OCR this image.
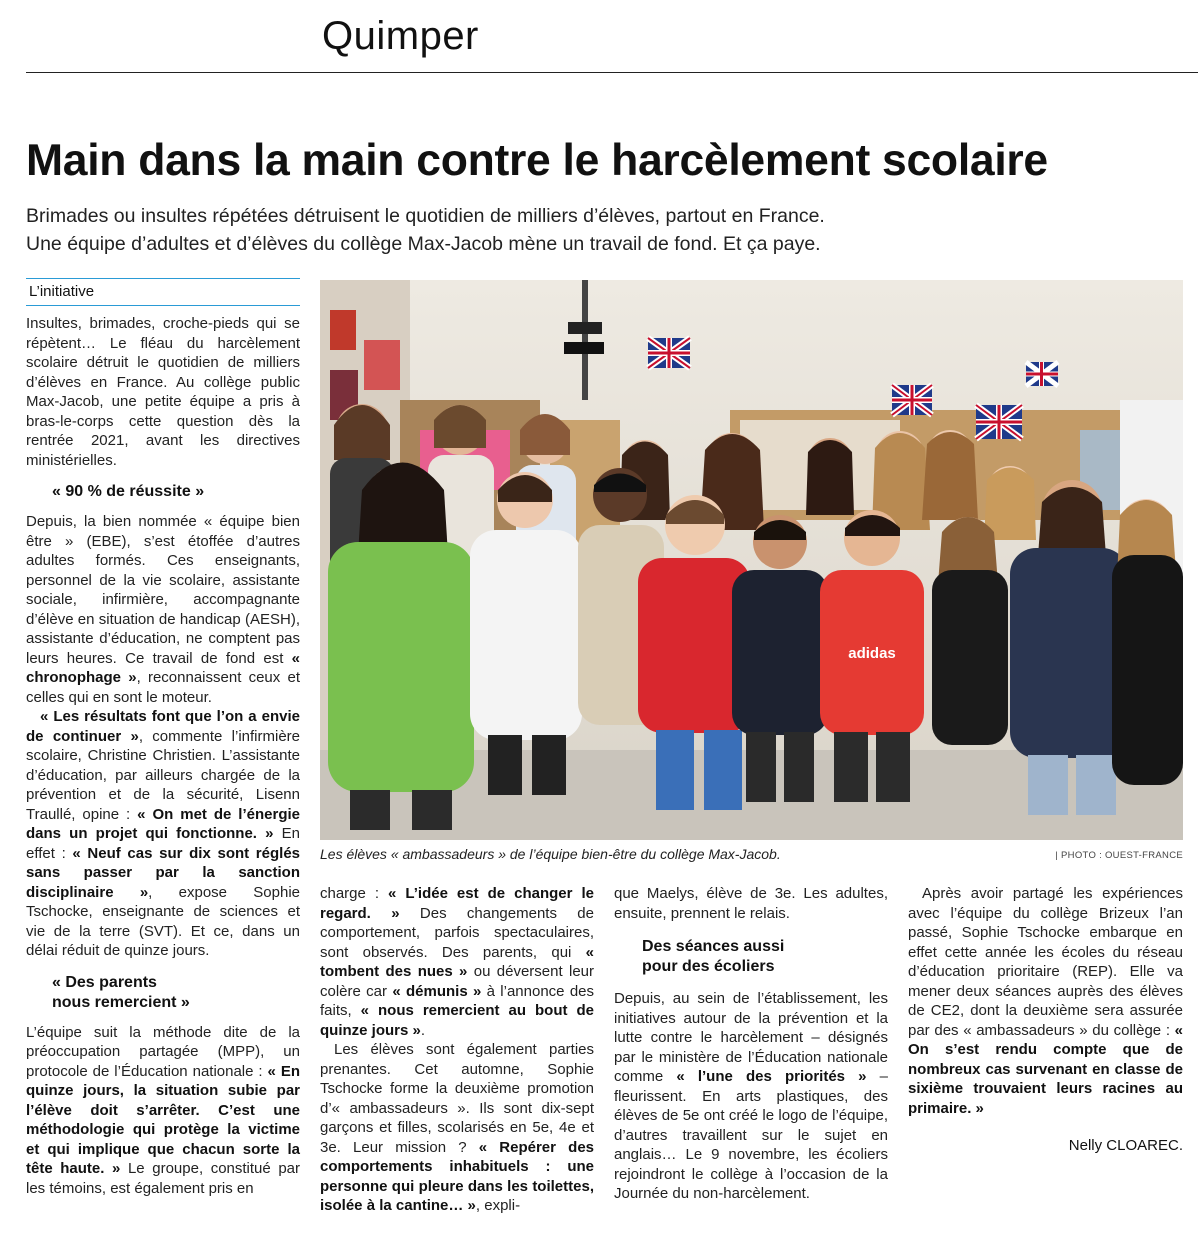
Quimper
Main dans la main contre le harcèlement scolaire
Brimades ou insultes répétées détruisent le quotidien de milliers d’élèves, partout en France.
Une équipe d’adultes et d’élèves du collège Max-Jacob mène un travail de fond. Et ça paye.
L’initiative

Insultes, brimades, croche-pieds qui se répètent… Le fléau du harcèlement scolaire détruit le quotidien de milliers d’élèves en France. Au collège public Max-Jacob, une petite équipe a pris à bras-le-corps cette question dès la rentrée 2021, avant les directives ministérielles.

« 90 % de réussite »

Depuis, la bien nommée « équipe bien être » (EBE), s’est étoffée d’autres adultes formés. Ces enseignants, personnel de la vie scolaire, assistante sociale, infirmière, accompagnante d’élève en situation de handicap (AESH), assistante d’éducation, ne comptent pas leurs heures. Ce travail de fond est « chronophage », reconnaissent ceux et celles qui en sont le moteur.

« Les résultats font que l’on a envie de continuer », commente l’infirmière scolaire, Christine Christien. L’assistante d’éducation, par ailleurs chargée de la prévention et de la sécurité, Lisenn Traullé, opine : « On met de l’énergie dans un projet qui fonctionne. » En effet : « Neuf cas sur dix sont réglés sans passer par la sanction disciplinaire », expose Sophie Tschocke, enseignante de sciences et vie de la terre (SVT). Et ce, dans un délai réduit de quinze jours.

« Des parents
nous remercient »

L’équipe suit la méthode dite de la préoccupation partagée (MPP), un protocole de l’Éducation nationale : « En quinze jours, la situation subie par l’élève doit s’arrêter. C’est une méthodologie qui protège la victime et qui implique que chacun sorte la tête haute. » Le groupe, constitué par les témoins, est également pris en

adidas
Les élèves « ambassadeurs » de l’équipe bien-être du collège Max-Jacob.	| PHOTO : OUEST-FRANCE

charge : « L’idée est de changer le regard. » Des changements de comportement, parfois spectaculaires, sont observés. Des parents, qui « tombent des nues » ou déversent leur colère car « démunis » à l’annonce des faits, « nous remercient au bout de quinze jours ».

Les élèves sont également parties prenantes. Cet automne, Sophie Tschocke forme la deuxième promotion d’« ambassadeurs ». Ils sont dix-sept garçons et filles, scolarisés en 5e, 4e et 3e. Leur mission ? « Repérer des comportements inhabituels : une personne qui pleure dans les toilettes, isolée à la cantine… », expli-

que Maelys, élève de 3e. Les adultes, ensuite, prennent le relais.

Des séances aussi
pour des écoliers

Depuis, au sein de l’établissement, les initiatives autour de la prévention et la lutte contre le harcèlement – désignés par le ministère de l’Éducation nationale comme « l’une des priorités » – fleurissent. En arts plastiques, des élèves de 5e ont créé le logo de l’équipe, d’autres travaillent sur le sujet en anglais… Le 9 novembre, les écoliers rejoindront le collège à l’occasion de la Journée du non-harcèlement.

Après avoir partagé les expériences avec l’équipe du collège Brizeux l’an passé, Sophie Tschocke embarque en effet cette année les écoles du réseau d’éducation prioritaire (REP). Elle va mener deux séances auprès des élèves de CE2, dont la deuxième sera assurée par des « ambassadeurs » du collège : « On s’est rendu compte que de nombreux cas survenant en classe de sixième trouvaient leurs racines au primaire. »

Nelly CLOAREC.
